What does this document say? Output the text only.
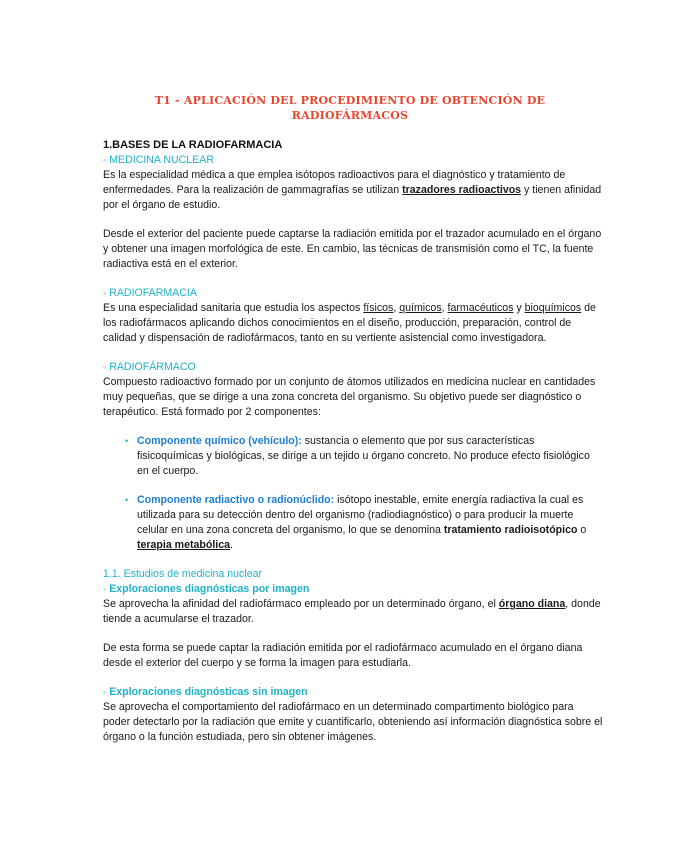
T1 - APLICACIÓN DEL PROCEDIMIENTO DE OBTENCIÓN DE RADIOFÁRMACOS
1.BASES DE LA RADIOFARMACIA
◦ MEDICINA NUCLEAR

Es la especialidad médica a que emplea isótopos radioactivos para el diagnóstico y tratamiento de enfermedades. Para la realización de gammagrafías se utilizan trazadores radioactivos y tienen afinidad por el órgano de estudio.

Desde el exterior del paciente puede captarse la radiación emitida por el trazador acumulado en el órgano y obtener una imagen morfológica de este. En cambio, las técnicas de transmisión como el TC, la fuente radiactiva está en el exterior.

◦ RADIOFARMACIA

Es una especialidad sanitaria que estudia los aspectos físicos, químicos, farmacéuticos y bioquímicos de los radiofármacos aplicando dichos conocimientos en el diseño, producción, preparación, control de calidad y dispensación de radiofármacos, tanto en su vertiente asistencial como investigadora.

◦ RADIOFÁRMACO

Compuesto radioactivo formado por un conjunto de átomos utilizados en medicina nuclear en cantidades muy pequeñas, que se dirige a una zona concreta del organismo. Su objetivo puede ser diagnóstico o terapéutico. Está formado por 2 componentes:

• Componente químico (vehículo): sustancia o elemento que por sus características fisicoquímicas y biológicas, se dirige a un tejido u órgano concreto. No produce efecto fisiológico en el cuerpo.

• Componente radiactivo o radionúclido: isótopo inestable, emite energía radiactiva la cual es utilizada para su detección dentro del organismo (radiodiagnóstico) o para producir la muerte celular en una zona concreta del organismo, lo que se denomina tratamiento radioisotópico o terapia metabólica.

1.1. Estudios de medicina nuclear
◦ Exploraciones diagnósticas por imagen

Se aprovecha la afinidad del radiofármaco empleado por un determinado órgano, el órgano diana, donde tiende a acumularse el trazador.

De esta forma se puede captar la radiación emitida por el radiofármaco acumulado en el órgano diana desde el exterior del cuerpo y se forma la imagen para estudiarla.

◦ Exploraciones diagnósticas sin imagen

Se aprovecha el comportamiento del radiofármaco en un determinado compartimento biológico para poder detectarlo por la radiación que emite y cuantificarlo, obteniendo así información diagnóstica sobre el órgano o la función estudiada, pero sin obtener imágenes.
